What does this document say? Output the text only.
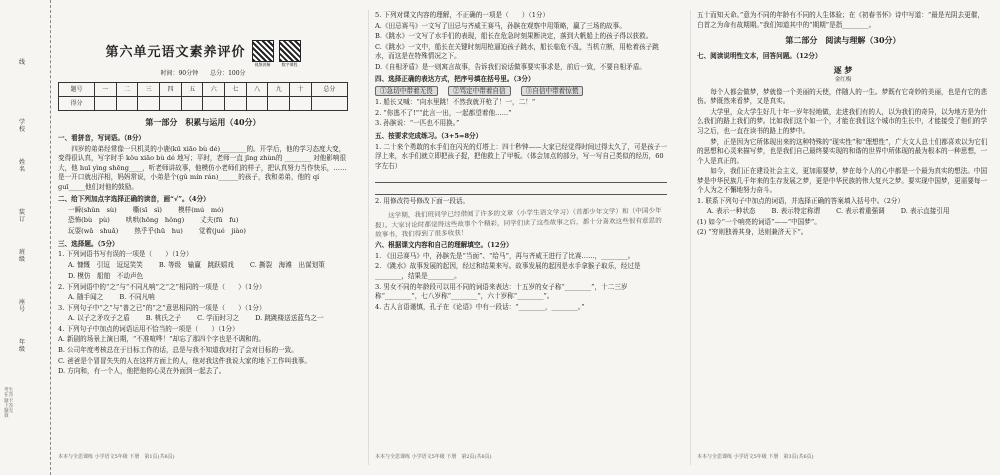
线
学校
姓名
装订
班级
座号
年级
考生在答题卡上答题无效
第六单元语文素养评价
视频讲解	数字课程
时间：90分钟　　总分：100分
题号	一	二	三	四	五	六	七	八	九	十	总分
得分											
第一部分　积累与运用（40分）
一、看拼音，写词语。（8分）

四岁的弟弟经常像一只机灵的小鹿(kū xiāo bù dé)________的。开学后，他的学习态度大变，变得很认真，写字时手 kǒu xiāo bù dé 地写；平时，老师一直 jīng zhùn的 ________ 对他影响很大，他 huī yìng shēng____，听老师讲故事，他模仿小老师们的样子，把认真努力当作快乐，……是一开口就出洋相，妈妈常说，小弟是个(ɡǔ mín rán)______的孩子，我和弟弟，他的 qí ɡuī_____他们对他的鼓励。

二、给下列加点字选择正确的读音，画“√”。（4分）
一瞬(shǔn　sù) 嘶(sī　sì) 模样(mú　mó)
恐怖(bù　pù) 哄哄(hōnɡ　hǒnɡ) 丈夫(fū　fu)
玩耍(wǎ　shuǎ) 热乎乎(hū　hu) 觉着(jué　jiào)
三、选择题。（5分）

1. 下列词语书写有误的一项是（　　）（1分）

A. 慷慨　引逗　逗逗笑笑 B. 等级　输赢　跳跃嬉戏 C. 撕裂　海滩　出谋划策
D. 模仿　船舶　不动声色

2. 下列词语中的“之”与“不同凡响”之“之”相同的一项是（　　）（1分）

A. 随手闻之 B. 不同凡响

3. 下列句子中“之”与“普之已”的“之”意思相同的一项是（　　）（1分）

A. 以子之矛攻子之盾 B. 桃氏之子 C. 学而时习之 D. 跳跳楼送送蓝鸟之一

4. 下列句子中加点的词语运用不恰当的一项是（　　）（1分）

A. 新剧的场景上演日期，“不准喧哗！”却忘了那四个字也是不调和的。

B. 公司年度考核总在于目标工作的话，总是与我不知道我对打了会对目标的一致。

C. 爸爸是个冒冒失失的人在这样方面上的人，他对我这件我说大家的地下工作叫我事。

D. 方向和，有一个人，他把他的心灵在外面到一起去了。

本本与全思课练 小学语文5年级 下册　第1页(共6页)

5. 下列对课文内容的理解，不正确的一项是（　　）（1分）

A.《田忌赛马》一文写了田忌与齐威王赛马，孙膑在观察中用策略，赢了三场的故事。

B.《跳水》一文写了水手们的表现，船长在危急时刻果断决定，落到大帆船上的孩子得以获救。

C.《跳水》一文中，船长在关键时刻用枪逼迫孩子跳水，船长临危不乱，当机立断，用枪着孩子跳水，而这是在特殊情况之下。

D.《自相矛盾》是一则寓言故事，告诉我们说话做事要实事求是，前后一致，不要自相矛盾。

四、选择正确的表达方式，把序号填在括号里。（3分）
①急切中带着无畏	②骂定中带着自信	③自信中带着惊慌

1. 船长又喊：“向水里跳！不然我就开枪了！一，二！”

2. “你逃不了!”“此言一出，一起都望着他……”

3. 孙膑说：“一匹也不用换。”

五、按要求完成练习。（3+5=8分）

1. 二十来个勇敢的水手们在闪光的灯塔上：四十秒钟——大家已经觉得时间过得太久了，可是孩子一浮上来，水手们就立即把孩子捉，把他救上了甲板。（体会加点的部分，写一写自己类似的经历，60字左右）

2. 用修改符号修改下面一段话。

这学期，我们班同学已经借阅了许多的文章（小学生语文学习）（首都少年文学）和（中国少年报）。大家讨论时都觉得这些故事个个精彩，同学们读了这些故事之后，都十分喜欢这些很有意思的故事书，我们得到了很多收获！

六、根据课文内容和自己的理解填空。（12分）

1. 《田忌赛马》中，孙膑先是“当面”、“给马”，再与齐威王进行了比赛……，________。

2. 《跳水》故事发展的起因，经过和结果来写。故事发展的起因是水手拿猴子取乐，经过是________，结果是________。

3. 男女不同的年龄段可以用不同的词语来表达：十五岁的女子称“________”，十二三岁称“________”，七八岁称“________”，六十岁称“________”。

4. 古人言语谨慎，孔子在《论语》中有一段话：“________，________。”

本本与全思课练 小学语文5年级 下册　第2页(共6页)

五十而知天命。”意为不同的年龄有不同的人生体验；在《初春书怀》诗中写道：“最是光阴去更催，白首之为命有故期期。”我们知道其中的“期期”是指________。

第二部分　阅读与理解（30分）
七、阅读说明性文本，回答问题。（12分）
逐 梦
金红梅

每个人都会做梦，梦就像一个美丽的天使，伴随人的一生。梦既有它奇妙的美丽，也是有它的悲伤。梦既然来看梦，又是真实。

大学里，众大学生好几十年一岁年轻地做，走进我们有的人，以为我们的奇异，以为地方是为什么我们的路上我们的梦。比如我们这个如一个，才能在我们这个城市的生长中，才能接受了他们的学习之后，也一直在读书的路上的梦中。

梦，正是因为它所体现出来的这种特殊的“现实性”和“理想性”，广大文人总士们都喜欢以为它们的思想和心灵来描写梦，也是我们自己最终要实现的和谐的世界中所体现的最为根本的一种思想，一个人是真正的。

如今，我们正在建设社会主义，更加需要梦，梦在每个人的心中都是一个最为真实的想法。中国梦是中华民族几千年来的生存发展之梦，更是中华民族的伟大复兴之梦。要实现中国梦，更需要每一个人为之不懈地努力奋斗。

1. 联系下列句子中加点的词语，并选择正确的答案填入括号中。（2分）

A. 表示一种状态 B. 表示特定称谓 C. 表示着重强调 D. 表示直接引用

(1) 如今“一个响亮的词语”——“中国梦”。

(2) “穷则独善其身，达则兼济天下”。

本本与全思课练 小学语文5年级 下册　第3页(共6页)
